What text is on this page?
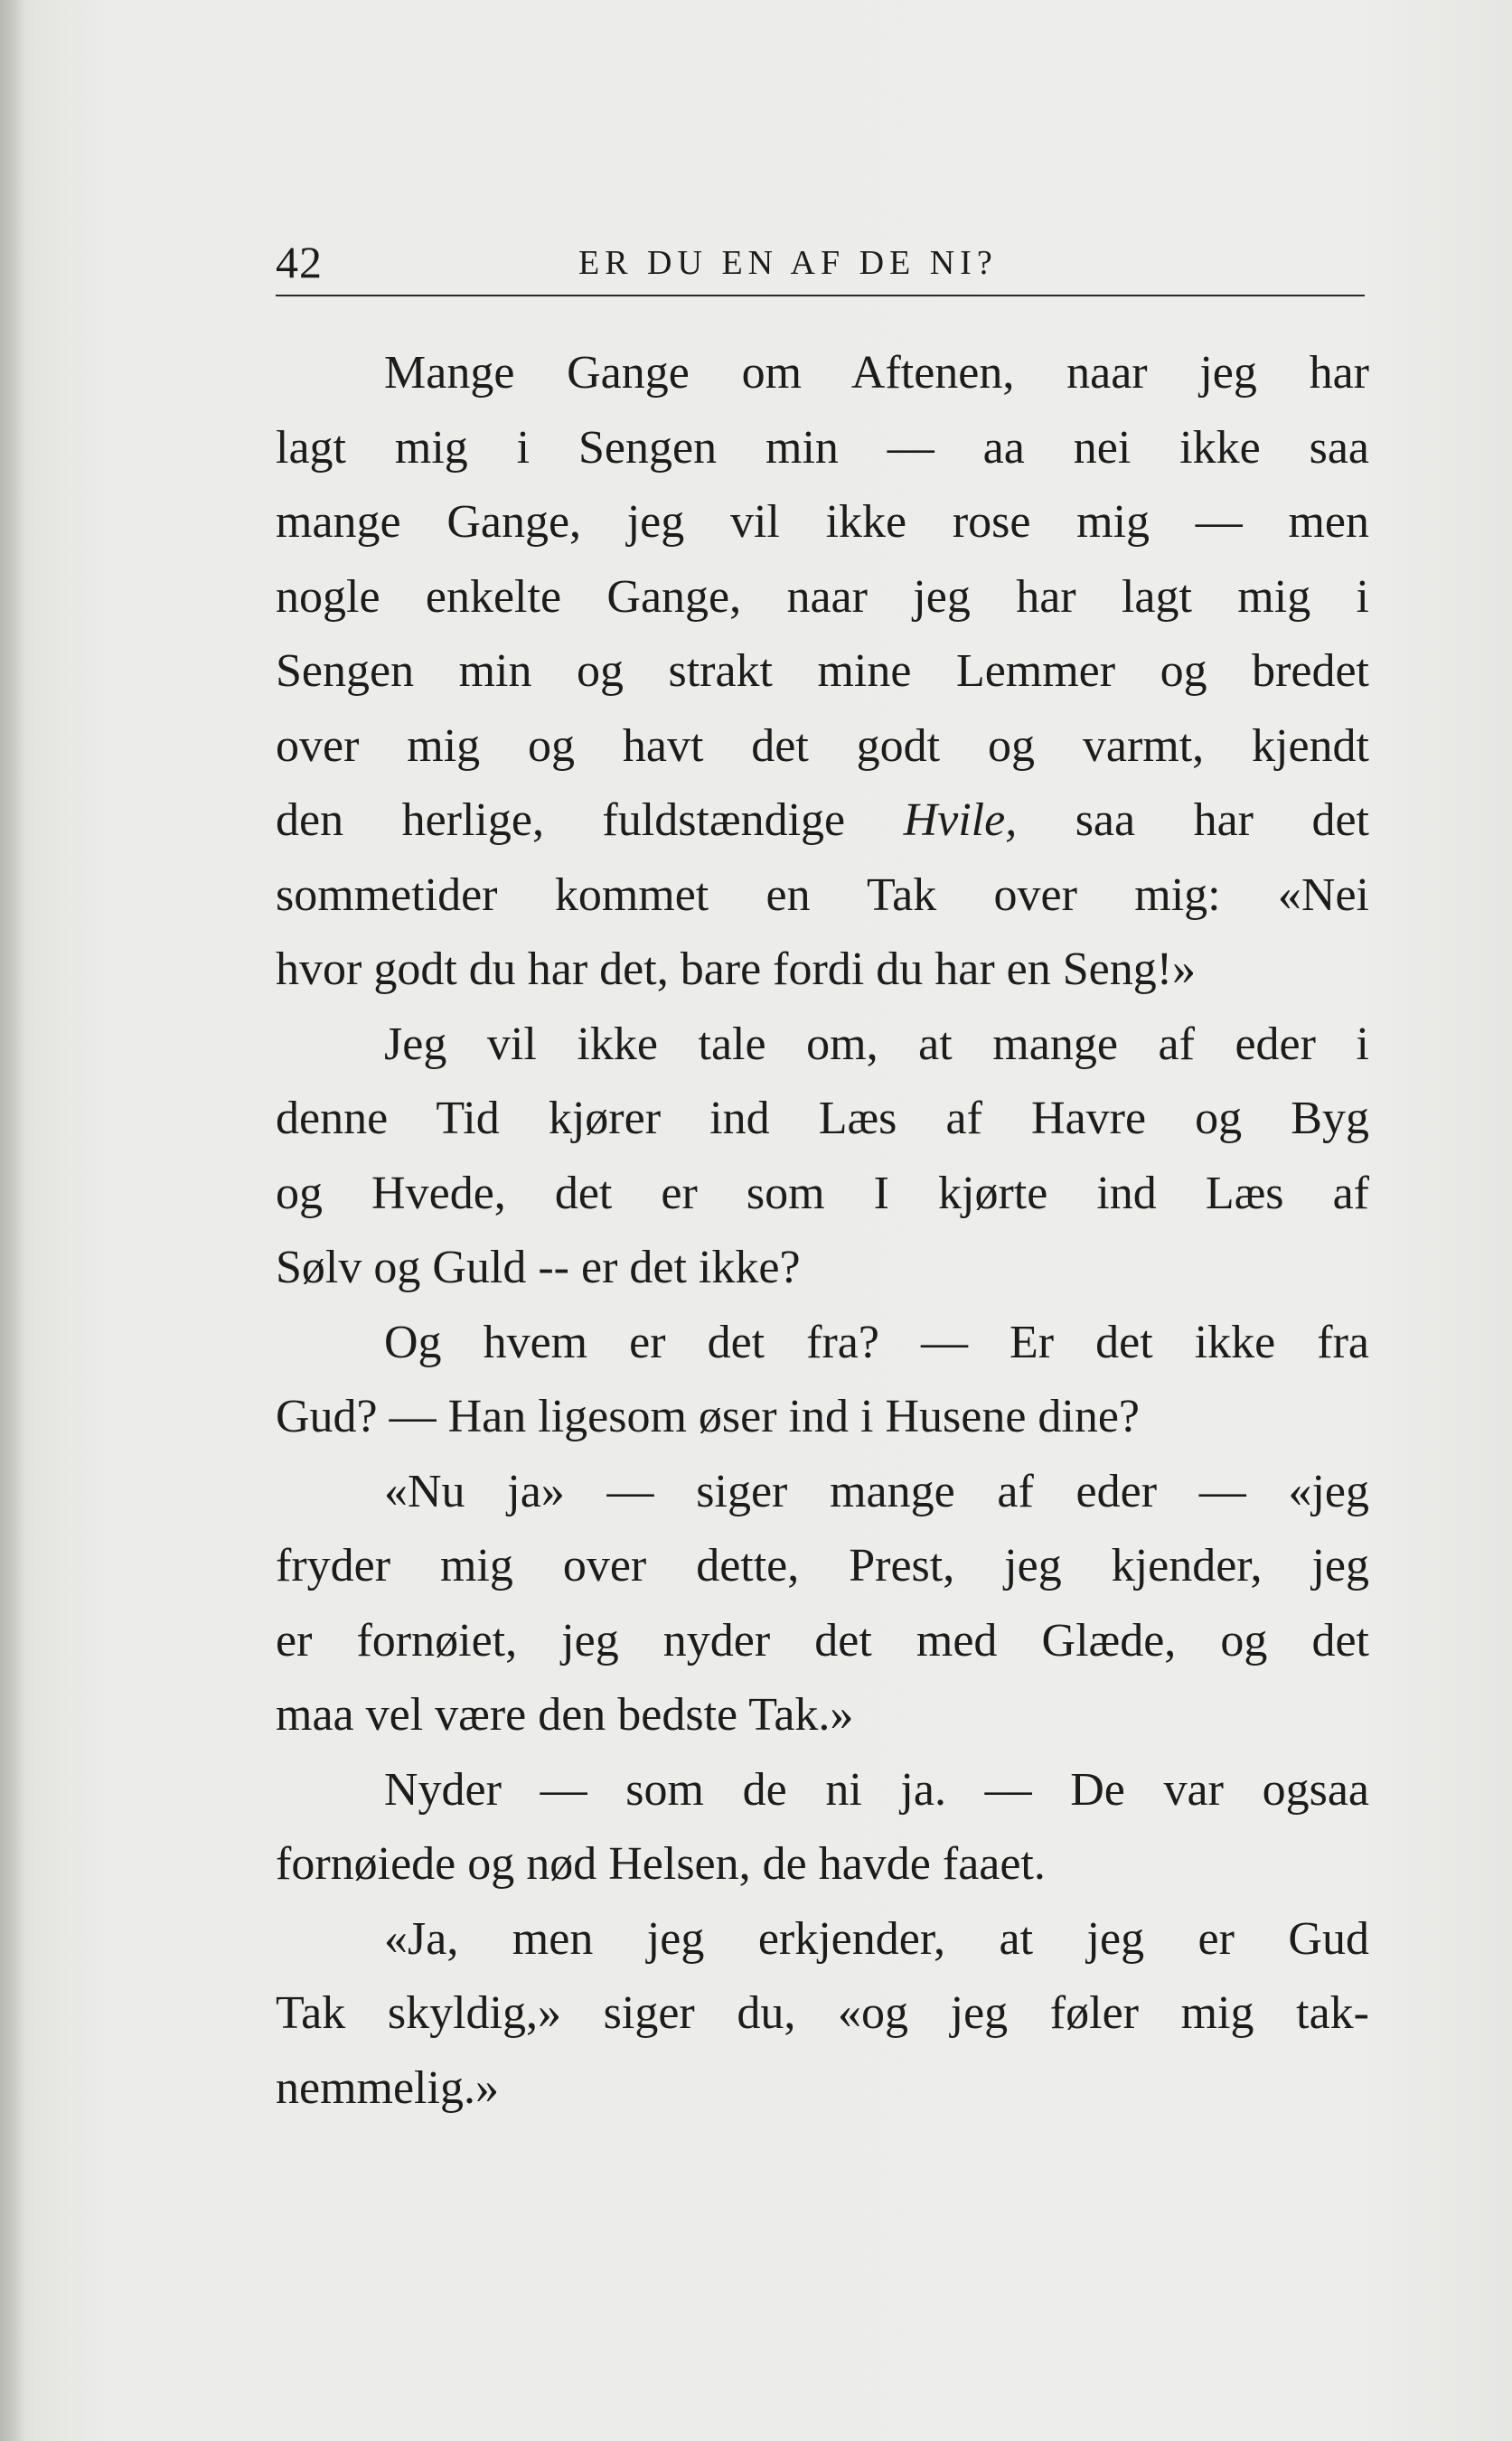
42	ER DU EN AF DE NI?
Mange Gange om Aftenen, naar jeg har
lagt mig i Sengen min — aa nei ikke saa
mange Gange, jeg vil ikke rose mig — men
nogle enkelte Gange, naar jeg har lagt mig i
Sengen min og strakt mine Lemmer og bredet
over mig og havt det godt og varmt, kjendt
den herlige, fuldstændige Hvile, saa har det
sommetider kommet en Tak over mig: «Nei
hvor godt du har det, bare fordi du har en Seng!»
Jeg vil ikke tale om, at mange af eder i
denne Tid kjører ind Læs af Havre og Byg
og Hvede, det er som I kjørte ind Læs af
Sølv og Guld -- er det ikke?
Og hvem er det fra? — Er det ikke fra
Gud? — Han ligesom øser ind i Husene dine?
«Nu ja» — siger mange af eder — «jeg
fryder mig over dette, Prest, jeg kjender, jeg
er fornøiet, jeg nyder det med Glæde, og det
maa vel være den bedste Tak.»
Nyder — som de ni ja. — De var ogsaa
fornøiede og nød Helsen, de havde faaet.
«Ja, men jeg erkjender, at jeg er Gud
Tak skyldig,» siger du, «og jeg føler mig tak-
nemmelig.»
